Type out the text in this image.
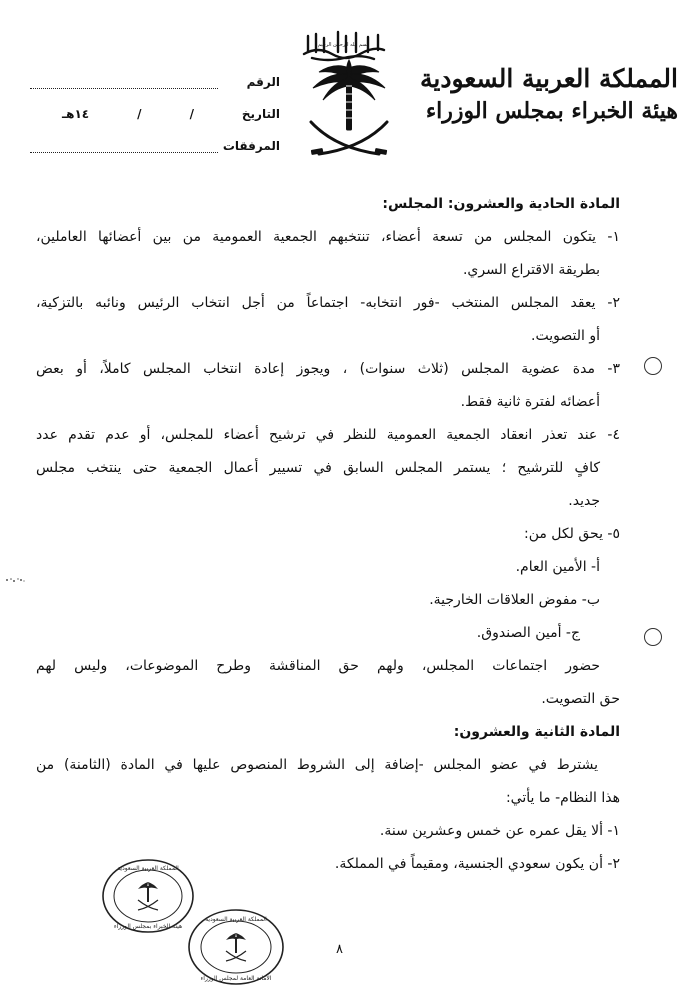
بسم الله الرحمن الرحيم
المملكة العربية السعودية
هيئة الخبراء بمجلس الوزراء
الرقم
التاريخ
/
/
١٤هـ
المرفقات
المادة الحادية والعشرون: المجلس:
١- يتكون المجلس من تسعة أعضاء، تنتخبهم الجمعية العمومية من بين أعضائها العاملين،
بطريقة الاقتراع السري.
٢- يعقد المجلس المنتخب -فور انتخابه- اجتماعاً من أجل انتخاب الرئيس ونائبه بالتزكية،
أو التصويت.
٣- مدة عضوية المجلس (ثلاث سنوات) ، ويجوز إعادة انتخاب المجلس كاملاً، أو بعض
أعضائه لفترة ثانية فقط.
٤- عند تعذر انعقاد الجمعية العمومية للنظر في ترشيح أعضاء للمجلس، أو عدم تقدم عدد
كافٍ للترشيح ؛ يستمر المجلس السابق في تسيير أعمال الجمعية حتى ينتخب مجلس
جديد.
٥- يحق لكل من:
أ- الأمين العام.
ب- مفوض العلاقات الخارجية.
ج- أمين الصندوق.
حضور اجتماعات المجلس، ولهم حق المناقشة وطرح الموضوعات، وليس لهم
حق التصويت.
المادة الثانية والعشرون:
يشترط في عضو المجلس -إضافة إلى الشروط المنصوص عليها في المادة (الثامنة) من
هذا النظام- ما يأتي:
١- ألا يقل عمره عن خمس وعشرين سنة.
٢- أن يكون سعودي الجنسية، ومقيماً في المملكة.
٨
المملكة العربية السعودية
هيئة الخبراء بمجلس الوزراء
المملكة العربية السعودية
الأمانة العامة لمجلس الوزراء
